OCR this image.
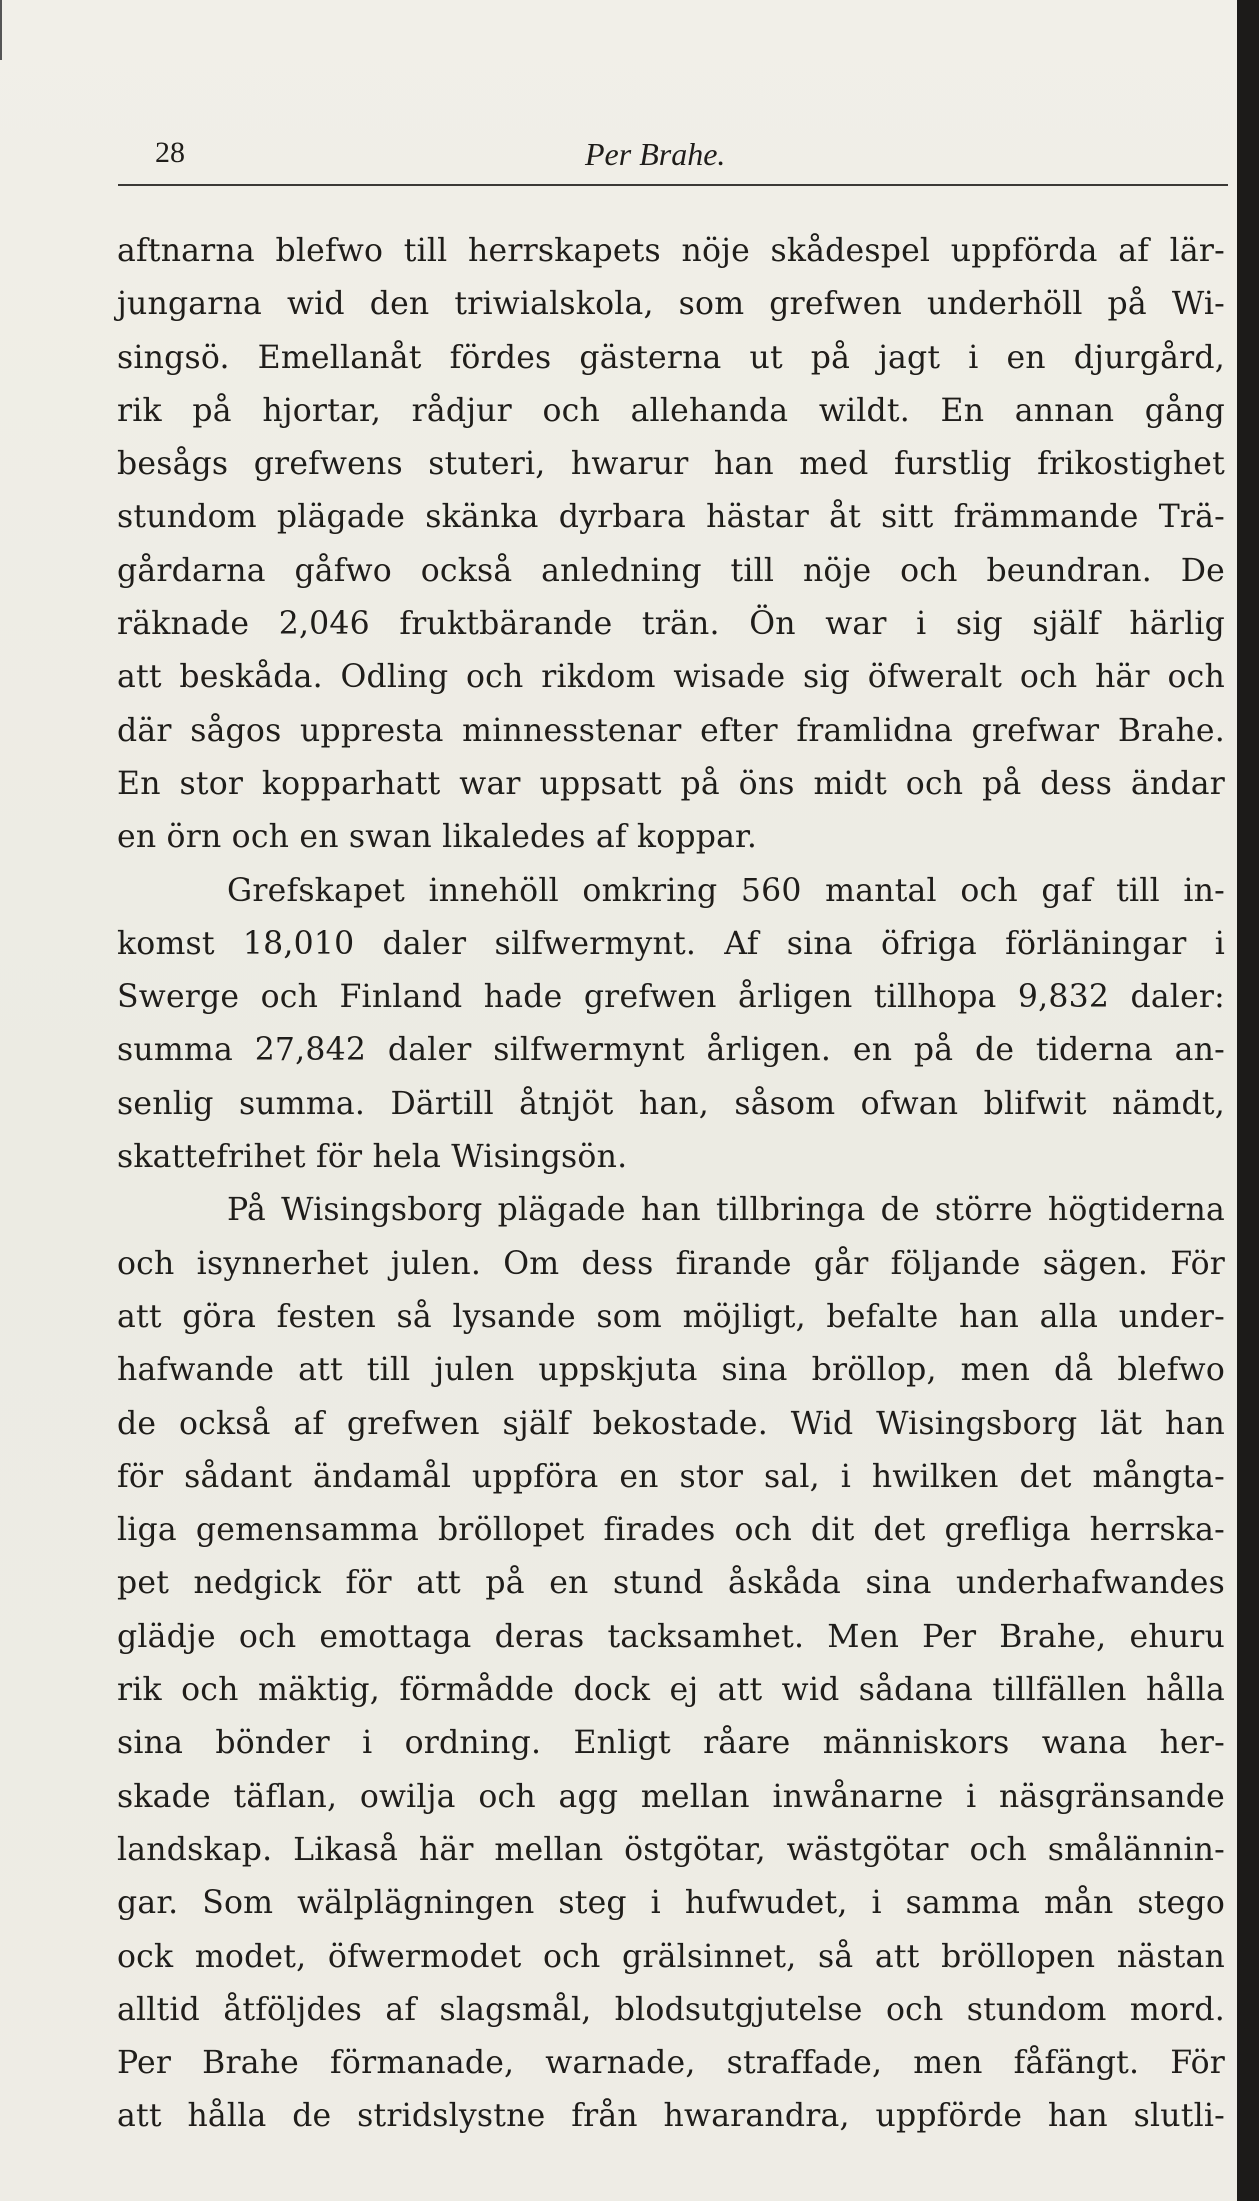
28	Per Brahe.
aftnarna blefwo till herrskapets nöje skådespel uppförda af lär-
jungarna wid den triwialskola, som grefwen underhöll på Wi-
singsö. Emellanåt fördes gästerna ut på jagt i en djurgård,
rik på hjortar, rådjur och allehanda wildt. En annan gång
besågs grefwens stuteri, hwarur han med furstlig frikostighet
stundom plägade skänka dyrbara hästar åt sitt främmande Trä-
gårdarna gåfwo också anledning till nöje och beundran. De
räknade 2,046 fruktbärande trän. Ön war i sig själf härlig
att beskåda. Odling och rikdom wisade sig öfweralt och här och
där sågos uppresta minnesstenar efter framlidna grefwar Brahe.
En stor kopparhatt war uppsatt på öns midt och på dess ändar
en örn och en swan likaledes af koppar.
Grefskapet innehöll omkring 560 mantal och gaf till in-
komst 18,010 daler silfwermynt. Af sina öfriga förläningar i
Swerge och Finland hade grefwen årligen tillhopa 9,832 daler:
summa 27,842 daler silfwermynt årligen. en på de tiderna an-
senlig summa. Därtill åtnjöt han, såsom ofwan blifwit nämdt,
skattefrihet för hela Wisingsön.
På Wisingsborg plägade han tillbringa de större högtiderna
och isynnerhet julen. Om dess firande går följande sägen. För
att göra festen så lysande som möjligt, befalte han alla under-
hafwande att till julen uppskjuta sina bröllop, men då blefwo
de också af grefwen själf bekostade. Wid Wisingsborg lät han
för sådant ändamål uppföra en stor sal, i hwilken det mångta-
liga gemensamma bröllopet firades och dit det grefliga herrska-
pet nedgick för att på en stund åskåda sina underhafwandes
glädje och emottaga deras tacksamhet. Men Per Brahe, ehuru
rik och mäktig, förmådde dock ej att wid sådana tillfällen hålla
sina bönder i ordning. Enligt råare människors wana her-
skade täflan, owilja och agg mellan inwånarne i näsgränsande
landskap. Likaså här mellan östgötar, wästgötar och smålännin-
gar. Som wälplägningen steg i hufwudet, i samma mån stego
ock modet, öfwermodet och grälsinnet, så att bröllopen nästan
alltid åtföljdes af slagsmål, blodsutgjutelse och stundom mord.
Per Brahe förmanade, warnade, straffade, men fåfängt. För
att hålla de stridslystne från hwarandra, uppförde han slutli-
